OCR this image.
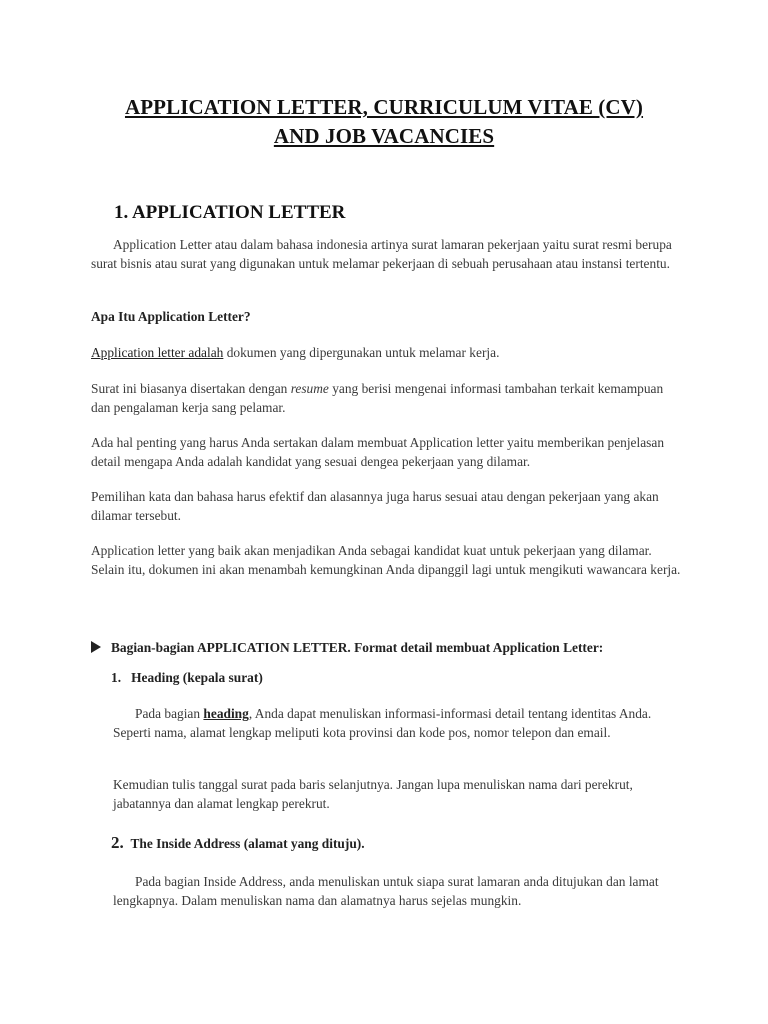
APPLICATION LETTER, CURRICULUM VITAE (CV)
AND JOB VACANCIES
1. APPLICATION LETTER

Application Letter atau dalam bahasa indonesia artinya surat lamaran pekerjaan yaitu surat resmi berupa surat bisnis atau surat yang digunakan untuk melamar pekerjaan di sebuah perusahaan atau instansi tertentu.

Apa Itu Application Letter?

Application letter adalah dokumen yang dipergunakan untuk melamar kerja.

Surat ini biasanya disertakan dengan resume yang berisi mengenai informasi tambahan terkait kemampuan dan pengalaman kerja sang pelamar.

Ada hal penting yang harus Anda sertakan dalam membuat Application letter yaitu memberikan penjelasan detail mengapa Anda adalah kandidat yang sesuai dengea pekerjaan yang dilamar.

Pemilihan kata dan bahasa harus efektif dan alasannya juga harus sesuai atau dengan pekerjaan yang akan dilamar tersebut.

Application letter yang baik akan menjadikan Anda sebagai kandidat kuat untuk pekerjaan yang dilamar. Selain itu, dokumen ini akan menambah kemungkinan Anda dipanggil lagi untuk mengikuti wawancara kerja.

Bagian-bagian APPLICATION LETTER. Format detail membuat Application Letter:
1. Heading (kepala surat)

Pada bagian heading, Anda dapat menuliskan informasi-informasi detail tentang identitas Anda. Seperti nama, alamat lengkap meliputi kota provinsi dan kode pos, nomor telepon dan email.

Kemudian tulis tanggal surat pada baris selanjutnya. Jangan lupa menuliskan nama dari perekrut, jabatannya dan alamat lengkap perekrut.

2. The Inside Address (alamat yang dituju).

Pada bagian Inside Address, anda menuliskan untuk siapa surat lamaran anda ditujukan dan lamat lengkapnya. Dalam menuliskan nama dan alamatnya harus sejelas mungkin.
